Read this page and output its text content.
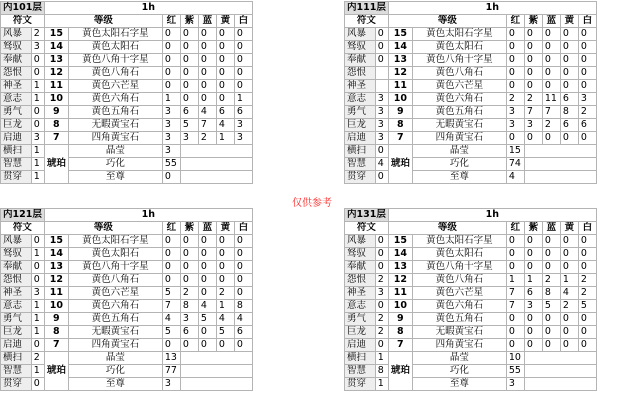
内101层		1h						
符文		等级		红	紫	蓝	黄	白
风暴	2	15	黄色太阳石字星	0	0	0	0	0
驽驭	3	14	黄色太阳石	0	0	0	0	0
奉献	0	13	黄色八角十字星	0	0	0	0	0
怨恨	0	12	黄色八角石	0	0	0	0	0
神圣	1	11	黄色六芒星	0	0	0	0	0
意志	1	10	黄色六角石	1	0	0	0	1
勇气	0	9	黄色五角石	3	6	4	6	6
巨龙	0	8	无暇黄宝石	3	5	7	4	3
启迪	3	7	四角黄宝石	3	3	2	1	3
横扫	1	琥珀	晶莹	3				
智慧	1		巧化	55				
贯穿	1		至尊	0				
内111层		1h						
符文		等级		红	紫	蓝	黄	白
风暴	0	15	黄色太阳石字星	0	0	0	0	0
驽驭	0	14	黄色太阳石	0	0	0	0	0
奉献	0	13	黄色八角十字星	0	0	0	0	0
怨恨		12	黄色八角石	0	0	0	0	0
神圣		11	黄色六芒星	0	0	0	0	0
意志	3	10	黄色六角石	2	2	11	6	3
勇气	3	9	黄色五角石	3	7	7	8	2
巨龙	3	8	无暇黄宝石	3	3	2	6	6
启迪	3	7	四角黄宝石	0	0	0	0	0
横扫	0	琥珀	晶莹	15				
智慧	4		巧化	74				
贯穿	0		至尊	4				
内121层		1h						
符文		等级		红	紫	蓝	黄	白
风暴	0	15	黄色太阳石字星	0	0	0	0	0
驽驭	1	14	黄色太阳石	0	0	0	0	0
奉献	0	13	黄色八角十字星	0	0	0	0	0
怨恨	0	12	黄色八角石	0	0	0	0	0
神圣	3	11	黄色六芒星	5	2	0	2	0
意志	1	10	黄色六角石	7	8	4	1	8
勇气	1	9	黄色五角石	4	3	5	4	4
巨龙	1	8	无暇黄宝石	5	6	0	5	6
启迪	0	7	四角黄宝石	0	0	0	0	0
横扫	2	琥珀	晶莹	13				
智慧	1		巧化	77				
贯穿	0		至尊	3				
内131层		1h						
符文		等级		红	紫	蓝	黄	白
风暴	0	15	黄色太阳石字星	0	0	0	0	0
驽驭	0	14	黄色太阳石	0	0	0	0	0
奉献	0	13	黄色八角十字星	0	0	0	0	0
怨恨	2	12	黄色八角石	1	1	2	1	2
神圣	3	11	黄色六芒星	7	6	8	4	2
意志	0	10	黄色六角石	7	3	5	2	5
勇气	2	9	黄色五角石	0	0	0	0	0
巨龙	2	8	无暇黄宝石	0	0	0	0	0
启迪	0	7	四角黄宝石	0	0	0	0	0
横扫	1	琥珀	晶莹	10				
智慧	8		巧化	55				
贯穿	1		至尊	3				
仅供参考
